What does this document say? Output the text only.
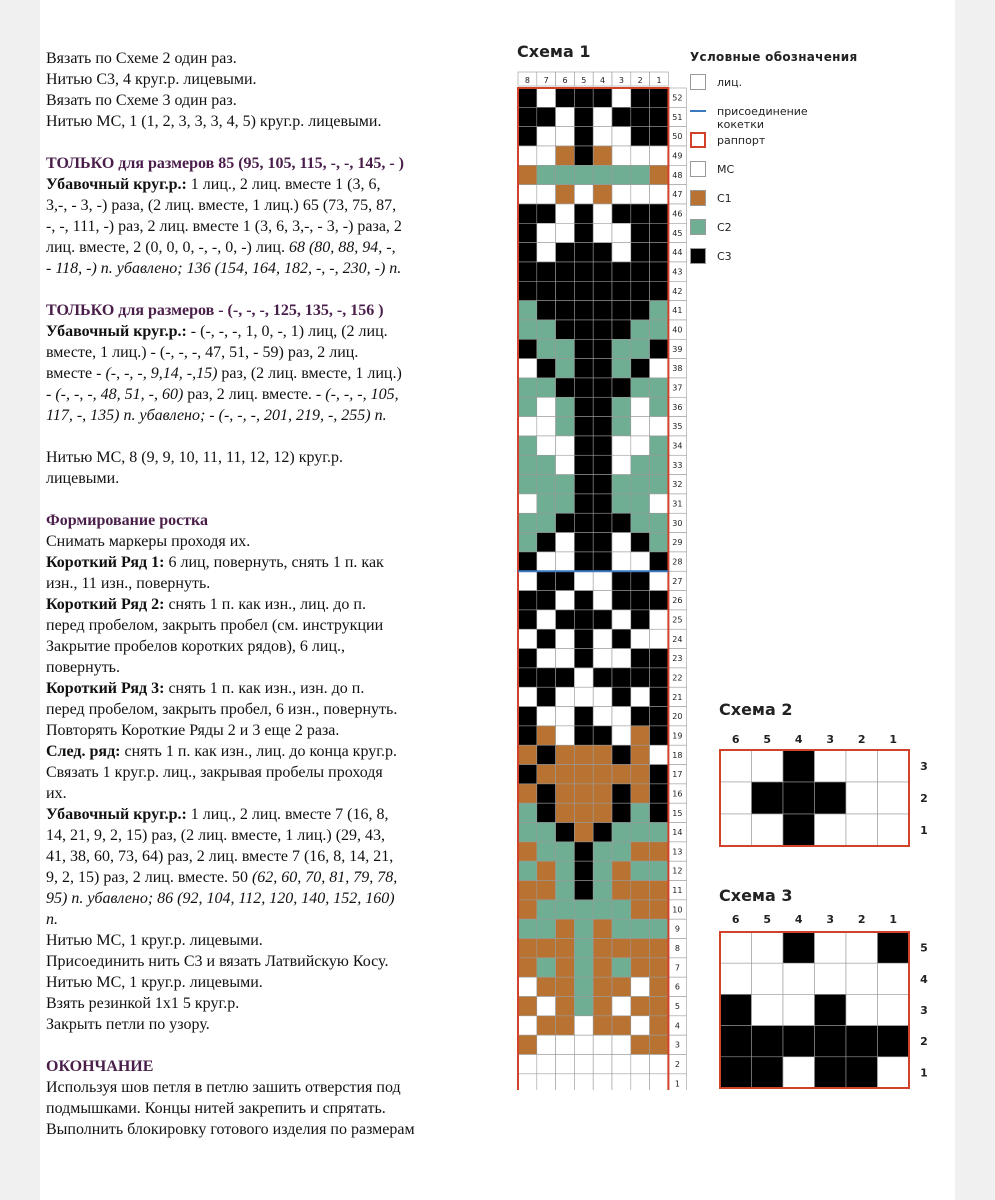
Вязать по Схеме 2 один раз.
Нитью С3, 4 круг.р. лицевыми.
Вязать по Схеме 3 один раз.
Нитью МС, 1 (1, 2, 3, 3, 3, 4, 5) круг.р. лицевыми.
ТОЛЬКО для размеров 85 (95, 105, 115, -, -, 145, - )
Убавочный круг.р.: 1 лиц., 2 лиц. вместе 1 (3, 6,
3,-, - 3, -) раза, (2 лиц. вместе, 1 лиц.) 65 (73, 75, 87,
-, -, 111, -) раз, 2 лиц. вместе 1 (3, 6, 3,-, - 3, -) раза, 2
лиц. вместе, 2 (0, 0, 0, -, -, 0, -) лиц. 68 (80, 88, 94, -,
- 118, -) п. убавлено; 136 (154, 164, 182, -, -, 230, -) п.
ТОЛЬКО для размеров - (-, -, -, 125, 135, -, 156 )
Убавочный круг.р.: - (-, -, -, 1, 0, -, 1) лиц, (2 лиц.
вместе, 1 лиц.) - (-, -, -, 47, 51, - 59) раз, 2 лиц.
вместе - (-, -, -, 9,14, -,15) раз, (2 лиц. вместе, 1 лиц.)
- (-, -, -, 48, 51, -, 60) раз, 2 лиц. вместе. - (-, -, -, 105,
117, -, 135) п. убавлено; - (-, -, -, 201, 219, -, 255) п.
Нитью МС, 8 (9, 9, 10, 11, 11, 12, 12) круг.р.
лицевыми.
Формирование ростка
Снимать маркеры проходя их.
Короткий Ряд 1: 6 лиц, повернуть, снять 1 п. как
изн., 11 изн., повернуть.
Короткий Ряд 2: снять 1 п. как изн., лиц. до п.
перед пробелом, закрыть пробел (см. инструкции
Закрытие пробелов коротких рядов), 6 лиц.,
повернуть.
Короткий Ряд 3: снять 1 п. как изн., изн. до п.
перед пробелом, закрыть пробел, 6 изн., повернуть.
Повторять Короткие Ряды 2 и 3 еще 2 раза.
След. ряд: снять 1 п. как изн., лиц. до конца круг.р.
Связать 1 круг.р. лиц., закрывая пробелы проходя
их.
Убавочный круг.р.: 1 лиц., 2 лиц. вместе 7 (16, 8,
14, 21, 9, 2, 15) раз, (2 лиц. вместе, 1 лиц.) (29, 43,
41, 38, 60, 73, 64) раз, 2 лиц. вместе 7 (16, 8, 14, 21,
9, 2, 15) раз, 2 лиц. вместе. 50 (62, 60, 70, 81, 79, 78,
95) п. убавлено; 86 (92, 104, 112, 120, 140, 152, 160)
п.
Нитью МС, 1 круг.р. лицевыми.
Присоединить нить С3 и вязать Латвийскую Косу.
Нитью МС, 1 круг.р. лицевыми.
Взять резинкой 1х1 5 круг.р.
Закрыть петли по узору.
ОКОНЧАНИЕ
Используя шов петля в петлю зашить отверстия под
подмышками. Концы нитей закрепить и спрятать.
Выполнить блокировку готового изделия по размерам
Схема 1
8 7 6 5 4 3 2 1
52
51
50
49
48
47
46
45
44
43
42
41
40
39
38
37
36
35
34
33
32
31
30
29
28
27
26
25
24
23
22
21
20
19
18
17
16
15
14
13
12
11
10
9
8
7
6
5
4
3
2
1
Условные обозначения
лиц.
присоединение кокетки
раппорт
МС
С1
С2
С3
Схема 2
6 5 4 3 2 1
3
2
1
Схема 3
6 5 4 3 2 1
5
4
3
2
1
